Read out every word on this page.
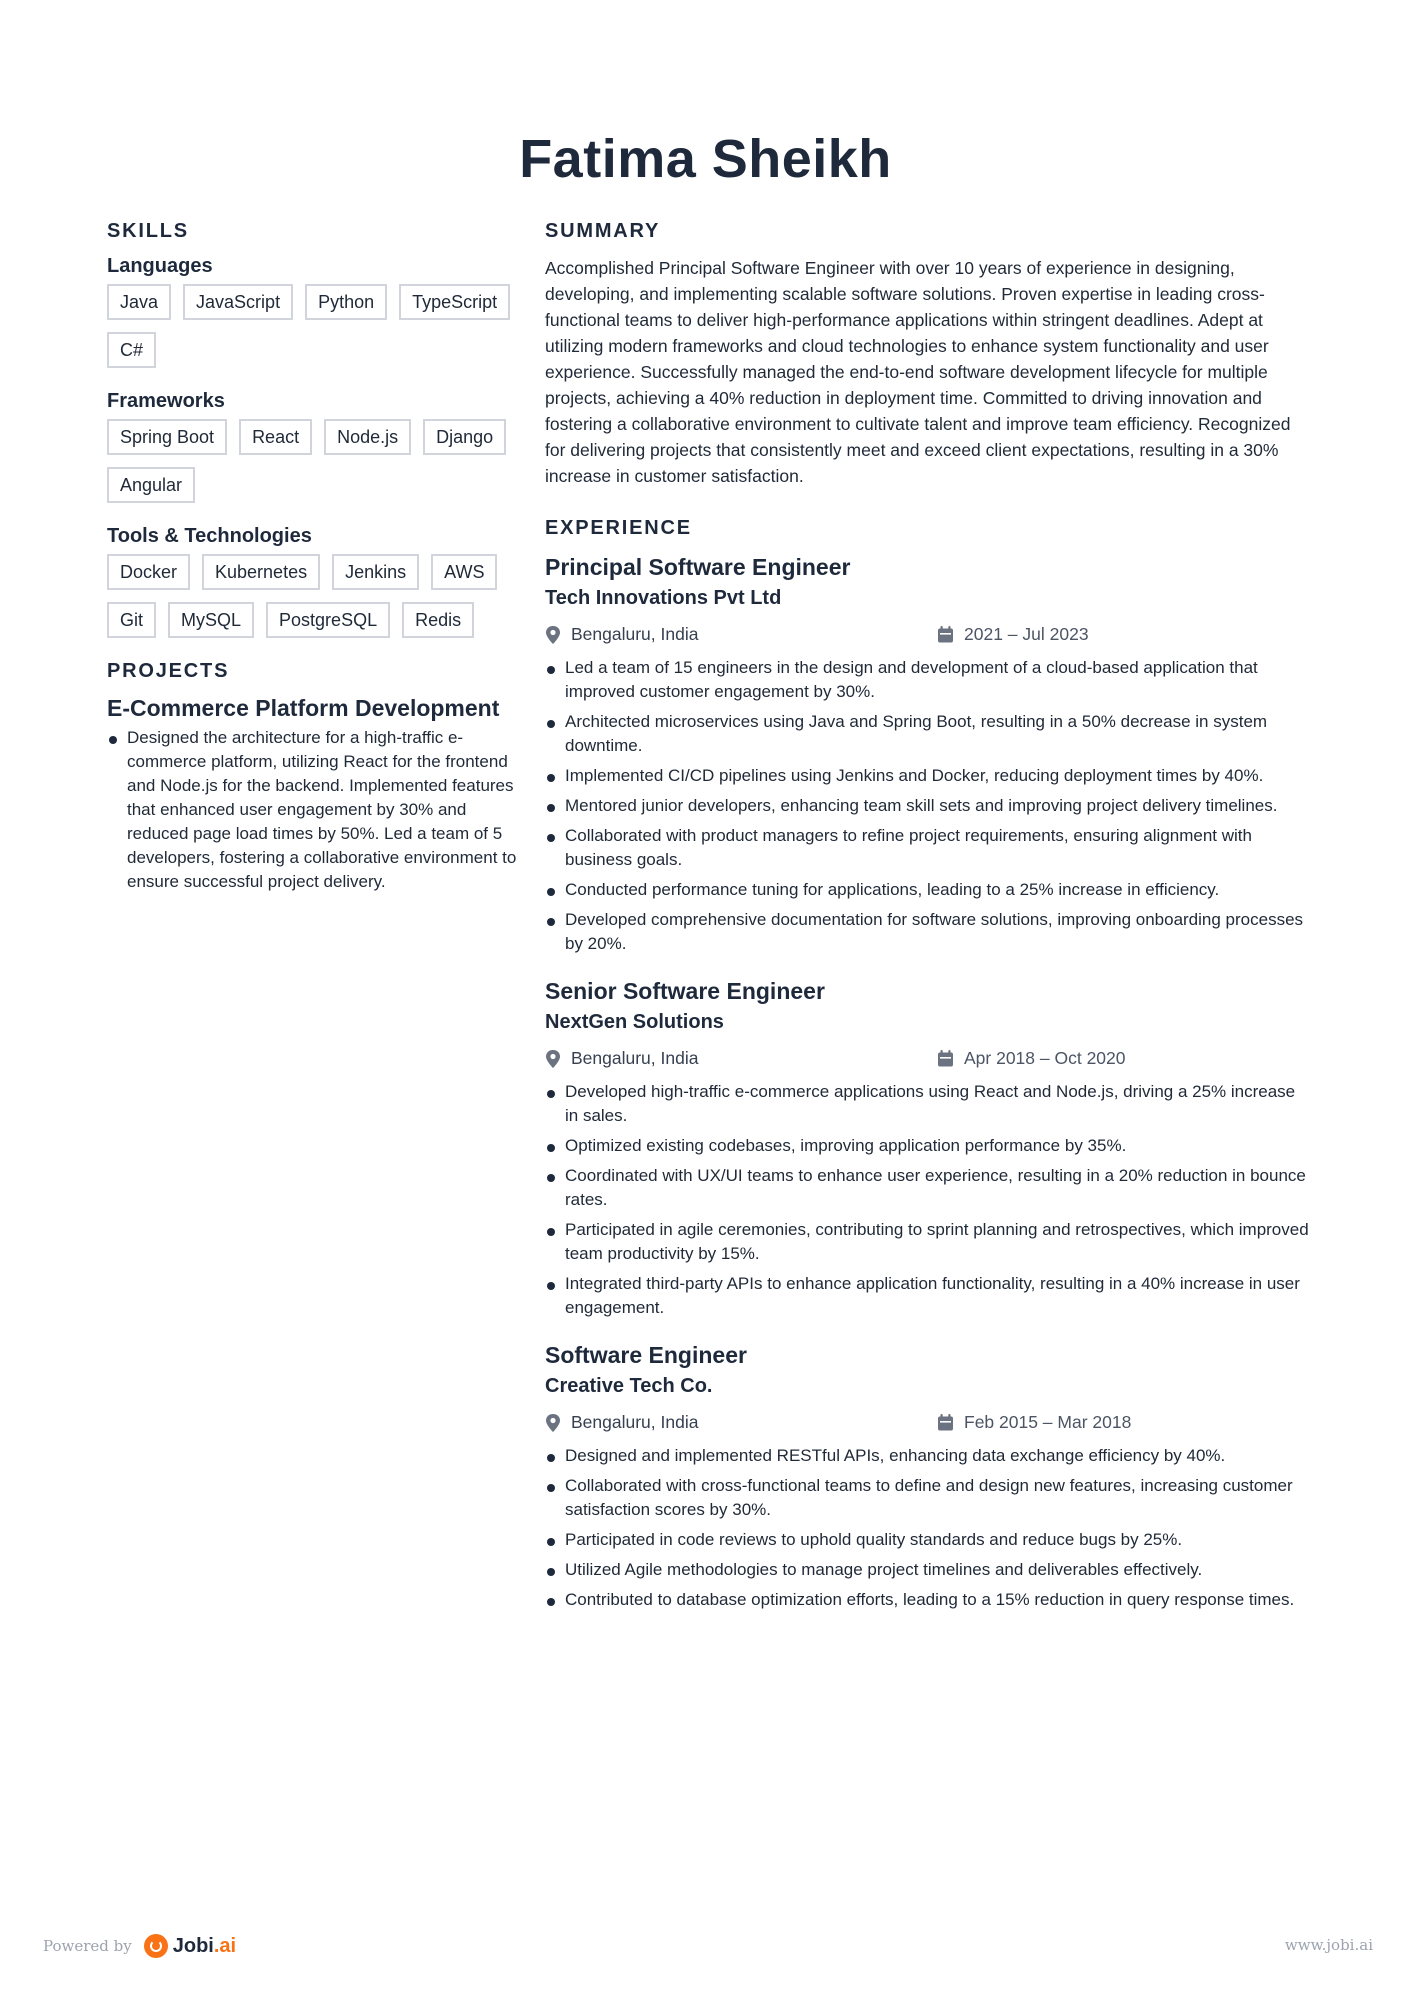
Fatima Sheikh
SKILLS
Languages
Java	JavaScript	Python	TypeScript
C#
Frameworks
Spring Boot	React	Node.js	Django
Angular
Tools & Technologies
Docker	Kubernetes	Jenkins	AWS
Git	MySQL	PostgreSQL	Redis
PROJECTS
E-Commerce Platform Development
Designed the architecture for a high-traffic e-commerce platform, utilizing React for the frontend and Node.js for the backend. Implemented features that enhanced user engagement by 30% and reduced page load times by 50%. Led a team of 5 developers, fostering a collaborative environment to ensure successful project delivery.
SUMMARY

Accomplished Principal Software Engineer with over 10 years of experience in designing, developing, and implementing scalable software solutions. Proven expertise in leading cross-functional teams to deliver high-performance applications within stringent deadlines. Adept at utilizing modern frameworks and cloud technologies to enhance system functionality and user experience. Successfully managed the end-to-end software development lifecycle for multiple projects, achieving a 40% reduction in deployment time. Committed to driving innovation and fostering a collaborative environment to cultivate talent and improve team efficiency. Recognized for delivering projects that consistently meet and exceed client expectations, resulting in a 30% increase in customer satisfaction.

EXPERIENCE
Principal Software Engineer
Tech Innovations Pvt Ltd
Bengaluru, India	2021 – Jul 2023
Led a team of 15 engineers in the design and development of a cloud-based application that improved customer engagement by 30%.
Architected microservices using Java and Spring Boot, resulting in a 50% decrease in system downtime.
Implemented CI/CD pipelines using Jenkins and Docker, reducing deployment times by 40%.
Mentored junior developers, enhancing team skill sets and improving project delivery timelines.
Collaborated with product managers to refine project requirements, ensuring alignment with business goals.
Conducted performance tuning for applications, leading to a 25% increase in efficiency.
Developed comprehensive documentation for software solutions, improving onboarding processes by 20%.
Senior Software Engineer
NextGen Solutions
Bengaluru, India	Apr 2018 – Oct 2020
Developed high-traffic e-commerce applications using React and Node.js, driving a 25% increase in sales.
Optimized existing codebases, improving application performance by 35%.
Coordinated with UX/UI teams to enhance user experience, resulting in a 20% reduction in bounce rates.
Participated in agile ceremonies, contributing to sprint planning and retrospectives, which improved team productivity by 15%.
Integrated third-party APIs to enhance application functionality, resulting in a 40% increase in user engagement.
Software Engineer
Creative Tech Co.
Bengaluru, India	Feb 2015 – Mar 2018
Designed and implemented RESTful APIs, enhancing data exchange efficiency by 40%.
Collaborated with cross-functional teams to define and design new features, increasing customer satisfaction scores by 30%.
Participated in code reviews to uphold quality standards and reduce bugs by 25%.
Utilized Agile methodologies to manage project timelines and deliverables effectively.
Contributed to database optimization efforts, leading to a 15% reduction in query response times.
Powered by Jobi .ai	www.jobi.ai
